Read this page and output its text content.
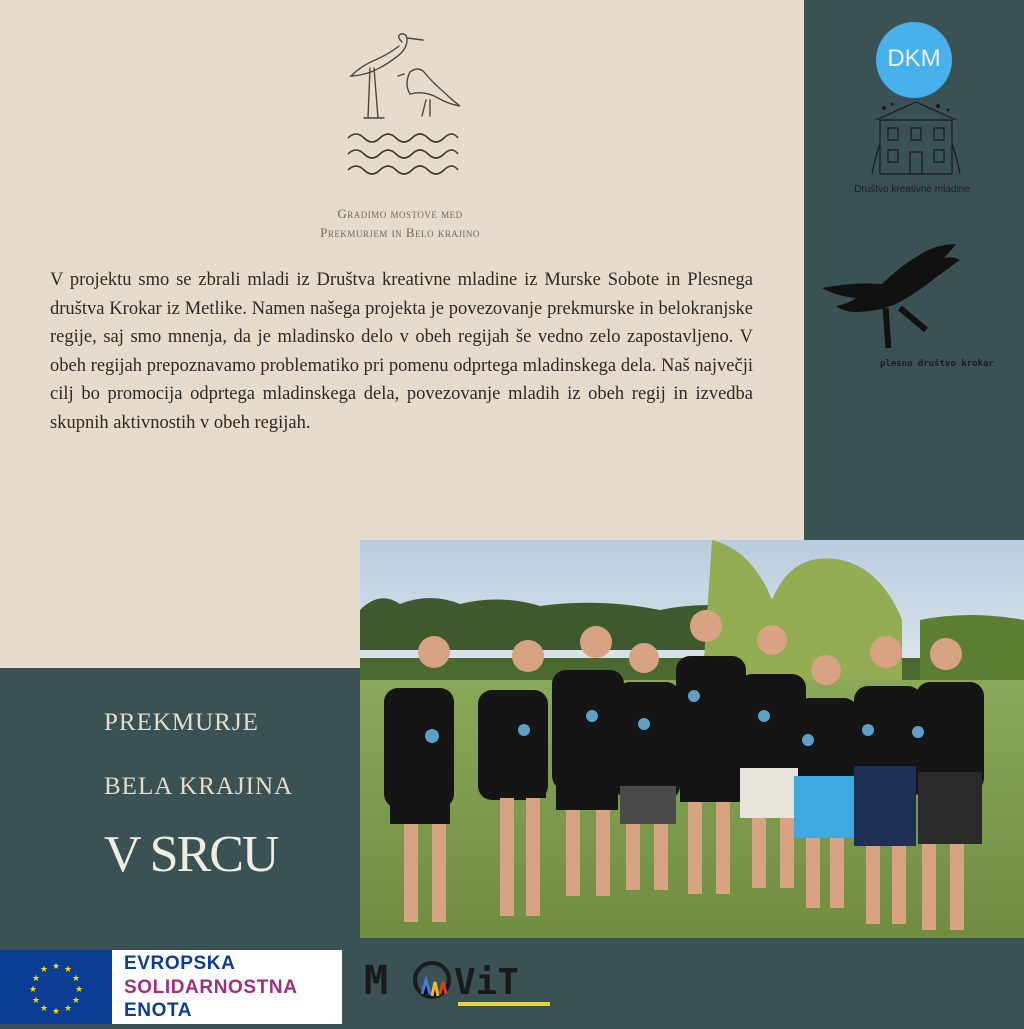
Gradimo mostove med
Prekmurjem in Belo krajino
V projektu smo se zbrali mladi iz Društva kreativne mladine iz Murske Sobote in Plesnega društva Krokar iz Metlike. Namen našega projekta je povezovanje prekmurske in belokranjske regije, saj smo mnenja, da je mladinsko delo v obeh regijah še vedno zelo zapostavljeno. V obeh regijah prepoznavamo problematiko pri pomenu odprtega mladinskega dela. Naš največji cilj bo promocija odprtega mladinskega dela, povezovanje mladih iz obeh regij in izvedba skupnih aktivnostih v obeh regijah.
DKM
Društvo kreativne mladine
plesno društvo krokar
PREKMURJE
BELA KRAJINA
V SRCU
★ ★
★
★
★
★
★
★
★
★
★
★	EVROPSKA
SOLIDARNOSTNA
ENOTA
M ViT
